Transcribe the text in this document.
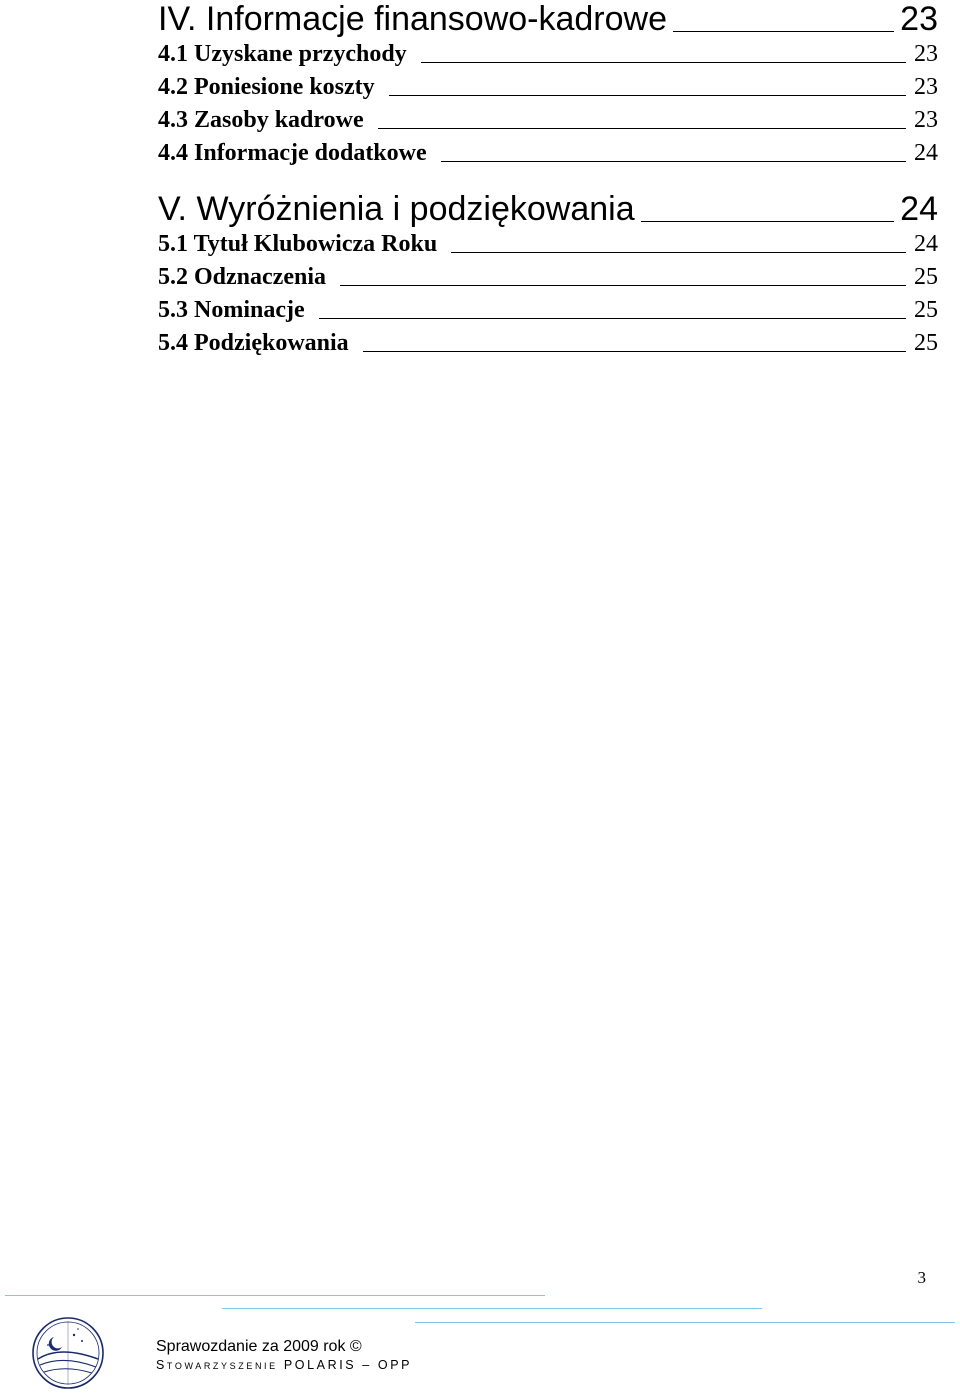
IV. Informacje finansowo-kadrowe	23
4.1 Uzyskane przychody	23
4.2 Poniesione koszty	23
4.3 Zasoby kadrowe	23
4.4 Informacje dodatkowe	24
V. Wyróżnienia i podziękowania	24
5.1 Tytuł Klubowicza Roku	24
5.2 Odznaczenia	25
5.3 Nominacje	25
5.4 Podziękowania	25
3
Sprawozdanie za 2009 rok ©
Stowarzyszenie POLARIS – OPP
